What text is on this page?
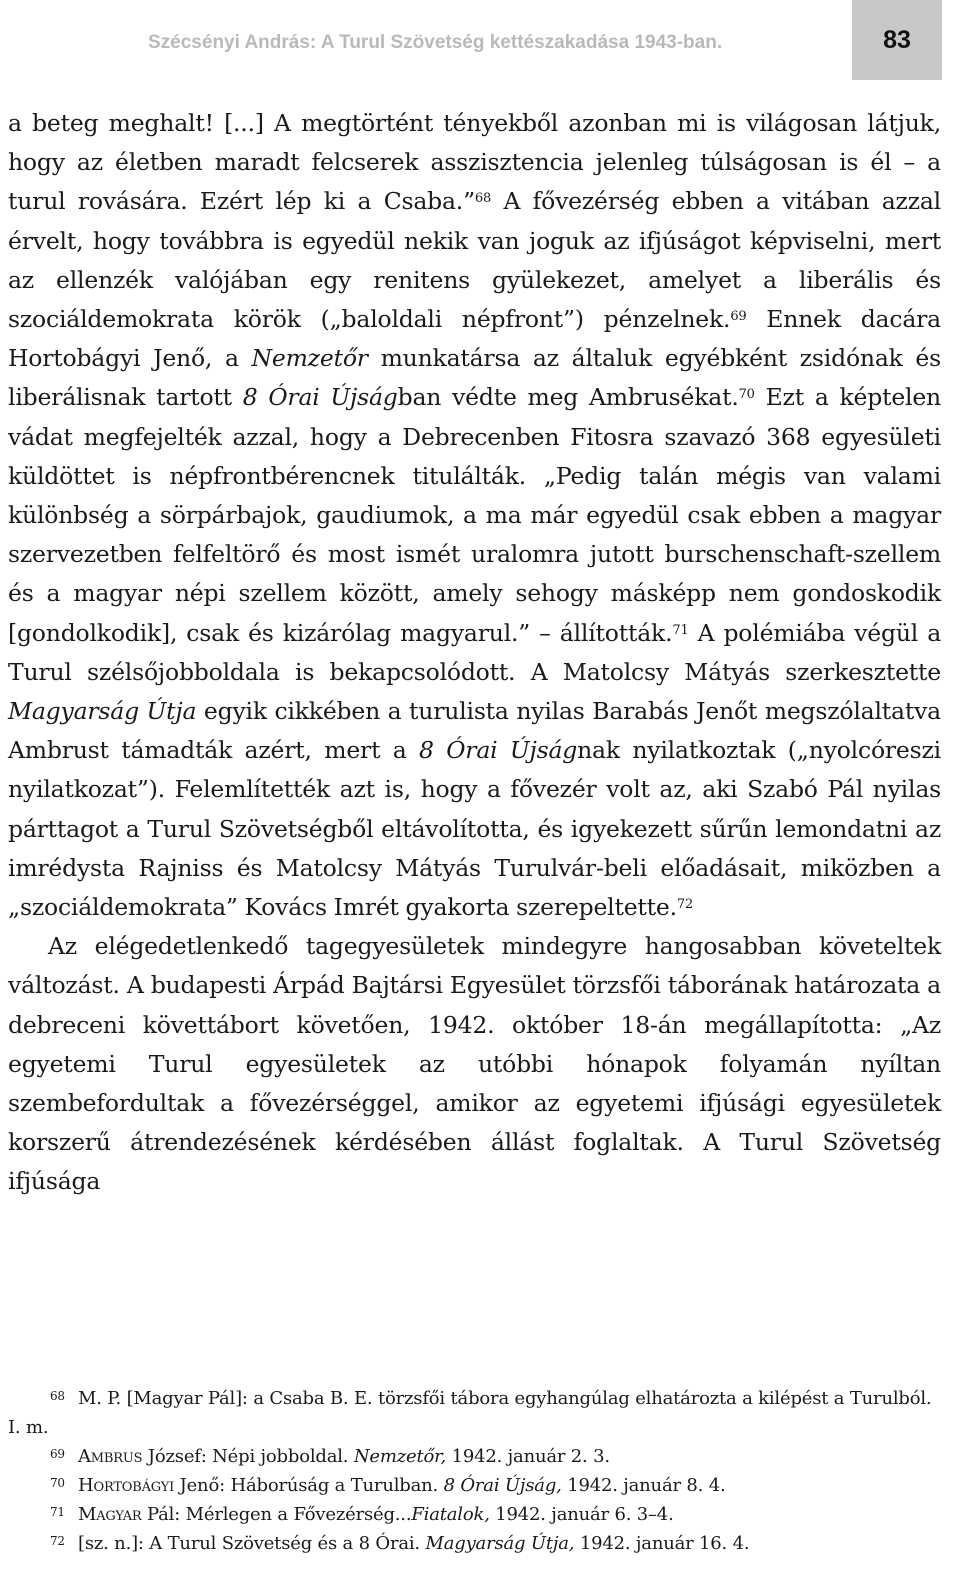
Szécsényi András: A Turul Szövetség kettészakadása 1943-ban.	83

a beteg meghalt! [...] A megtörtént tényekből azonban mi is világosan látjuk, hogy az életben maradt felcserek asszisztencia jelenleg túlságosan is él – a turul rovására. Ezért lép ki a Csaba.”$^{68}$ A fővezérség ebben a vitában azzal érvelt, hogy továbbra is egyedül nekik van joguk az ifjúságot képviselni, mert az ellenzék valójában egy renitens gyülekezet, amelyet a liberális és szociáldemokrata körök („baloldali népfront”) pénzelnek.$^{69}$ Ennek dacára Hortobágyi Jenő, a Nemzetőr munkatársa az általuk egyébként zsidónak és liberálisnak tartott 8 Órai Újságban védte meg Ambrusékat.$^{70}$ Ezt a képtelen vádat megfejelték azzal, hogy a Debrecenben Fitosra szavazó 368 egyesületi küldöttet is népfrontbérencnek titulálták. „Pedig talán mégis van valami különbség a sörpárbajok, gaudiumok, a ma már egyedül csak ebben a magyar szervezetben felfeltörő és most ismét uralomra jutott burschenschaft-szellem és a magyar népi szellem között, amely sehogy másképp nem gondoskodik [gondolkodik], csak és kizárólag magyarul.” – állították.$^{71}$ A polémiába végül a Turul szélsőjobboldala is bekapcsolódott. A Matolcsy Mátyás szerkesztette Magyarság Útja egyik cikkében a turulista nyilas Barabás Jenőt megszólaltatva Ambrust támadták azért, mert a 8 Órai Újságnak nyilatkoztak („nyolcóreszi nyilatkozat”). Felemlítették azt is, hogy a fővezér volt az, aki Szabó Pál nyilas párttagot a Turul Szövetségből eltávolította, és igyekezett sűrűn lemondatni az imrédysta Rajniss és Matolcsy Mátyás Turulvár-beli előadásait, miközben a „szociáldemokrata” Kovács Imrét gyakorta szerepeltette.$^{72}$

Az elégedetlenkedő tagegyesületek mindegyre hangosabban követeltek változást. A budapesti Árpád Bajtársi Egyesület törzsfői táborának határozata a debreceni követtábort követően, 1942. október 18-án megállapította: „Az egyetemi Turul egyesületek az utóbbi hónapok folyamán nyíltan szembefordultak a fővezérséggel, amikor az egyetemi ifjúsági egyesületek korszerű átrendezésének kérdésében állást foglaltak. A Turul Szövetség ifjúsága

68 M. P. [Magyar Pál]: a Csaba B. E. törzsfői tábora egyhangúlag elhatározta a kilépést a Turulból. I. m.

69 Ambrus József: Népi jobboldal. Nemzetőr, 1942. január 2. 3.

70 Hortobágyi Jenő: Háborúság a Turulban. 8 Órai Újság, 1942. január 8. 4.

71 Magyar Pál: Mérlegen a Fővezérség...Fiatalok, 1942. január 6. 3–4.

72 [sz. n.]: A Turul Szövetség és a 8 Órai. Magyarság Útja, 1942. január 16. 4.
